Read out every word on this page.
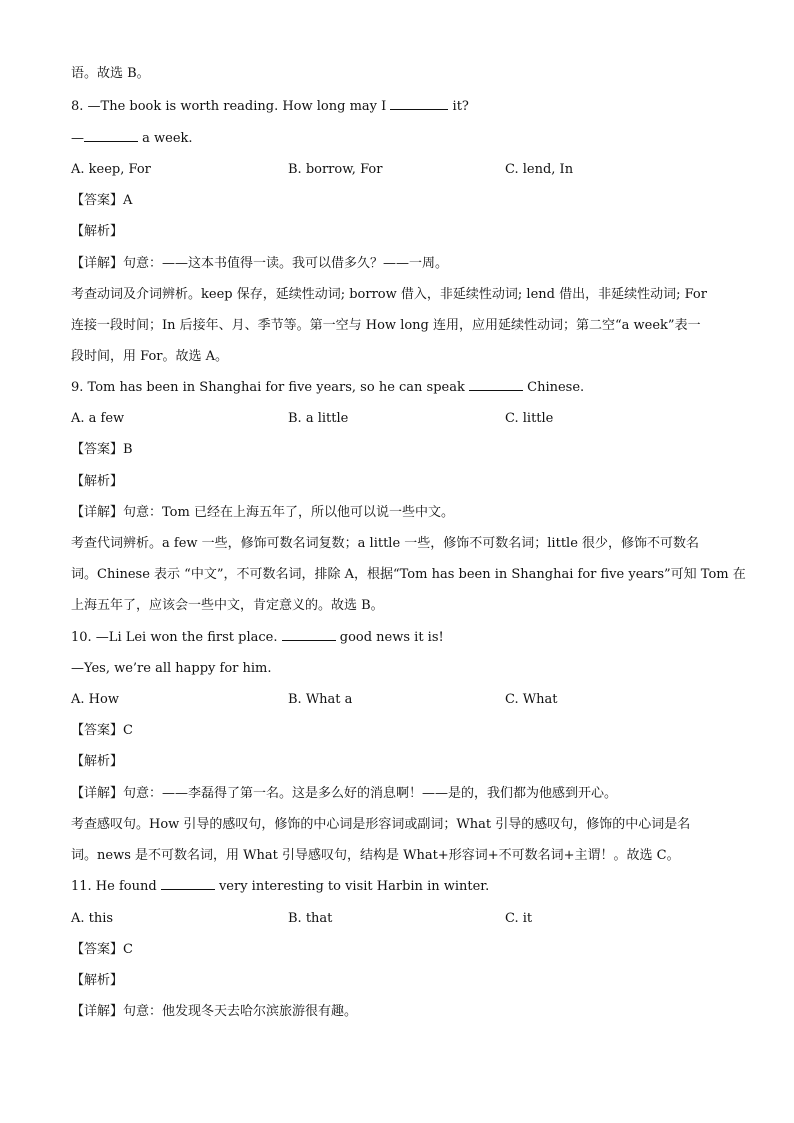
语。故选 B。
8. —The book is worth reading. How long may I	it?
—	a week.
A. keep, For	B. borrow, For	C. lend, In
【答案】A
【解析】
【详解】句意：——这本书值得一读。我可以借多久？——一周。
考查动词及介词辨析。keep 保存，延续性动词; borrow 借入，非延续性动词; lend 借出，非延续性动词; For
连接一段时间；In 后接年、月、季节等。第一空与 How long 连用，应用延续性动词；第二空“a week”表一
段时间，用 For。故选 A。
9. Tom has been in Shanghai for five years, so he can speak	Chinese.
A. a few	B. a little	C. little
【答案】B
【解析】
【详解】句意：Tom 已经在上海五年了，所以他可以说一些中文。
考查代词辨析。a few 一些，修饰可数名词复数；a little 一些，修饰不可数名词；little 很少，修饰不可数名
词。Chinese 表示 “中文”，不可数名词，排除 A，根据“Tom has been in Shanghai for five years”可知 Tom 在
上海五年了，应该会一些中文，肯定意义的。故选 B。
10. —Li Lei won the first place.	good news it is!
—Yes, we’re all happy for him.
A. How	B. What a	C. What
【答案】C
【解析】
【详解】句意：——李磊得了第一名。这是多么好的消息啊！——是的，我们都为他感到开心。
考查感叹句。How 引导的感叹句，修饰的中心词是形容词或副词；What 引导的感叹句，修饰的中心词是名
词。news 是不可数名词，用 What 引导感叹句，结构是 What+形容词+不可数名词+主谓！。故选 C。
11. He found	very interesting to visit Harbin in winter.
A. this	B. that	C. it
【答案】C
【解析】
【详解】句意：他发现冬天去哈尔滨旅游很有趣。
